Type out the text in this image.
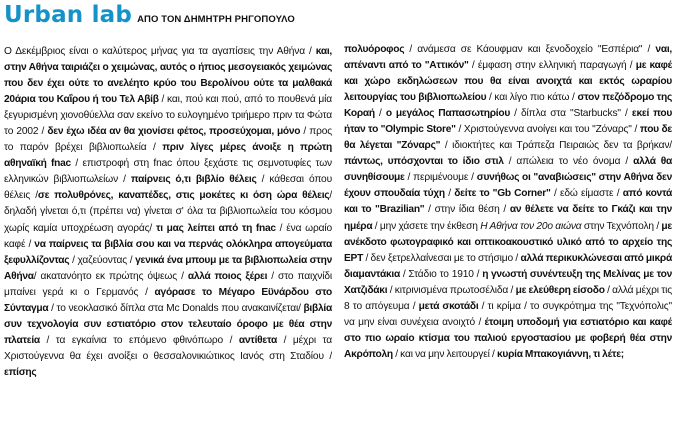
Urban lab ΑΠΟ ΤΟΝ ΔΗΜΗΤΡΗ ΡΗΓΟΠΟΥΛΟ
Ο Δεκέμβριος είναι ο καλύτερος μήνας για τα αγαπίσεις την Αθήνα / και, στην Αθήνα ταιριάζει ο χειμώνας, αυτός ο ήπιος μεσογειακός χειμώνας που δεν έχει ούτε το ανελέητο κρύο του Βερολίνου ούτε τα μαλθακά 20άρια του Καΐρου ή του Τελ Αβίβ / και, πού και πού, από το πουθενά μία ξεγυρισμένη χιονοθύελλα σαν εκείνο το ευλογημένο τριήμερο πριν τα Φώτα το 2002 / δεν έχω ιδέα αν θα χιονίσει φέτος, προσεύχομαι, μόνο / προς το παρόν βρέχει βιβλιοπωλεία / πριν λίγες μέρες άνοιξε η πρώτη αθηναϊκή fnac / επιστροφή στη fnac όπου ξεχάστε τις σεμνοτυφίες των ελληνικών βιβλιοπωλείων / παίρνεις ό,τι βιβλίο θέλεις / κάθεσαι όπου θέλεις /σε πολυθρόνες, καναπέδες, στις μοκέτες κι όση ώρα θέλεις/ δηλαδή γίνεται ό,τι (πρέπει να) γίνεται σ' όλα τα βιβλιοπωλεία του κόσμου χωρίς καμία υποχρέωση αγοράς/ τι μας λείπει από τη fnac / ένα ωραίο καφέ / να παίρνεις τα βιβλία σου και να περνάς ολόκληρα απογεύματα ξεφυλλίζοντας / χαζεύοντας / γενικά ένα μπουμ με τα βιβλιοπωλεία στην Αθήνα/ ακατανόητο εκ πρώτης όψεως / αλλά ποιος ξέρει / στο παιχνίδι μπαίνει γερά κι ο Γερμανός / αγόρασε το Μέγαρο Εϋνάρδου στο Σύνταγμα / το νεοκλασικό δίπλα στα Mc Donalds που ανακαινίζεται/ βιβλία συν τεχνολογία συν εστιατόριο στον τελευταίο όροφο με θέα στην πλατεία / τα εγκαίνια το επόμενο φθινόπωρο / αντίθετα / μέχρι τα Χριστούγεννα θα έχει ανοίξει ο θεσσαλονικιώτικος Ιανός στη Σταδίου / επίσης
πολυόροφος / ανάμεσα σε Κάουφμαν και ξενοδοχείο "Εσπέρια" / ναι, απέναντι από το "Αττικόν" / έμφαση στην ελληνική παραγωγή / με καφέ και χώρο εκδηλώσεων που θα είναι ανοιχτά και εκτός ωραρίου λειτουργίας του βιβλιοπωλείου / και λίγο πιο κάτω / στον πεζόδρομο της Κοραή / ο μεγάλος Παπασωτηρίου / δίπλα στα "Starbucks" / εκεί που ήταν το "Olympic Store" / Χριστούγεννα ανοίγει και του "Ζόναρς" / που δε θα λέγεται "Ζόναρς" / ιδιοκτήτες και Τράπεζα Πειραιώς δεν τα βρήκαν/ πάντως, υπόσχονται το ίδιο στιλ / απώλεια το νέο όνομα / αλλά θα συνηθίσουμε / περιμένουμε / συνήθως οι "αναβιώσεις" στην Αθήνα δεν έχουν σπουδαία τύχη / δείτε το "Gb Corner" / εδώ είμαστε / από κοντά και το "Brazilian" / στην ίδια θέση / αν θέλετε να δείτε το Γκάζι και την ημέρα / μην χάσετε την έκθεση Η Αθήνα τον 20ο αιώνα στην Τεχνόπολη / με ανέκδοτο φωτογραφικό και οπτικοακουστικό υλικό από το αρχείο της ΕΡΤ / δεν ξετρελλαίνεσαι με το στήσιμο / αλλά περικυκλώνεσαι από μικρά διαμαντάκια / Στάδιο το 1910 / η γνωστή συνέντευξη της Μελίνας με τον Χατζιδάκι / κιτρινισμένα πρωτοσέλιδα / με ελεύθερη είσοδο / αλλά μέχρι τις 8 το απόγευμα / μετά σκοτάδι / τι κρίμα / το συγκρότημα της "Τεχνόπολις" να μην είναι συνέχεια ανοιχτό / έτοιμη υποδομή για εστιατόριο και καφέ στο πιο ωραίο κτίσμα του παλιού εργοστασίου με φοβερή θέα στην Ακρόπολη / και να μην λειτουργεί / κυρία Μπακογιάννη, τι λέτε;
